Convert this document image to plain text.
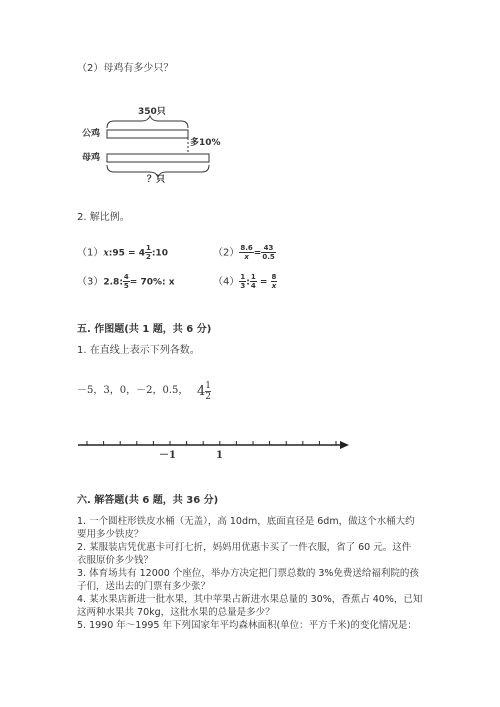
（2）母鸡有多少只？
350只
公鸡
母鸡
多10%
？只
2. 解比例。
（1）x:95 = $4 \frac{1}{2}$ :10	$(2) \frac{8.6}{x} = \frac{43}{0.5}$
（3）2.8: $\frac{4}{5} = 70\%$: x	$(4) \frac{1}{3}$ : $\frac{1}{4} = \frac{8}{x}$
五. 作图题(共 1 题，共 6 分)
1. 在直线上表示下列各数。
－5，3，0，－2，0.5， $4 \frac{1}{2}$
－1	1
六. 解答题(共 6 题，共 36 分)
1. 一个圆柱形铁皮水桶（无盖），高 10dm，底面直径是 6dm，做这个水桶大约
要用多少铁皮？
2. 某服装店凭优惠卡可打七折，妈妈用优惠卡买了一件衣服，省了 60 元。这件
衣服原价多少钱？
3. 体育场共有 12000 个座位，举办方决定把门票总数的 3%免费送给福利院的孩
子们，送出去的门票有多少张？
4. 某水果店新进一批水果，其中苹果占新进水果总量的 30%，香蕉占 40%，已知
这两种水果共 70kg，这批水果的总量是多少？
5. 1990 年～1995 年下列国家年平均森林面积(单位：平方千米)的变化情况是：
